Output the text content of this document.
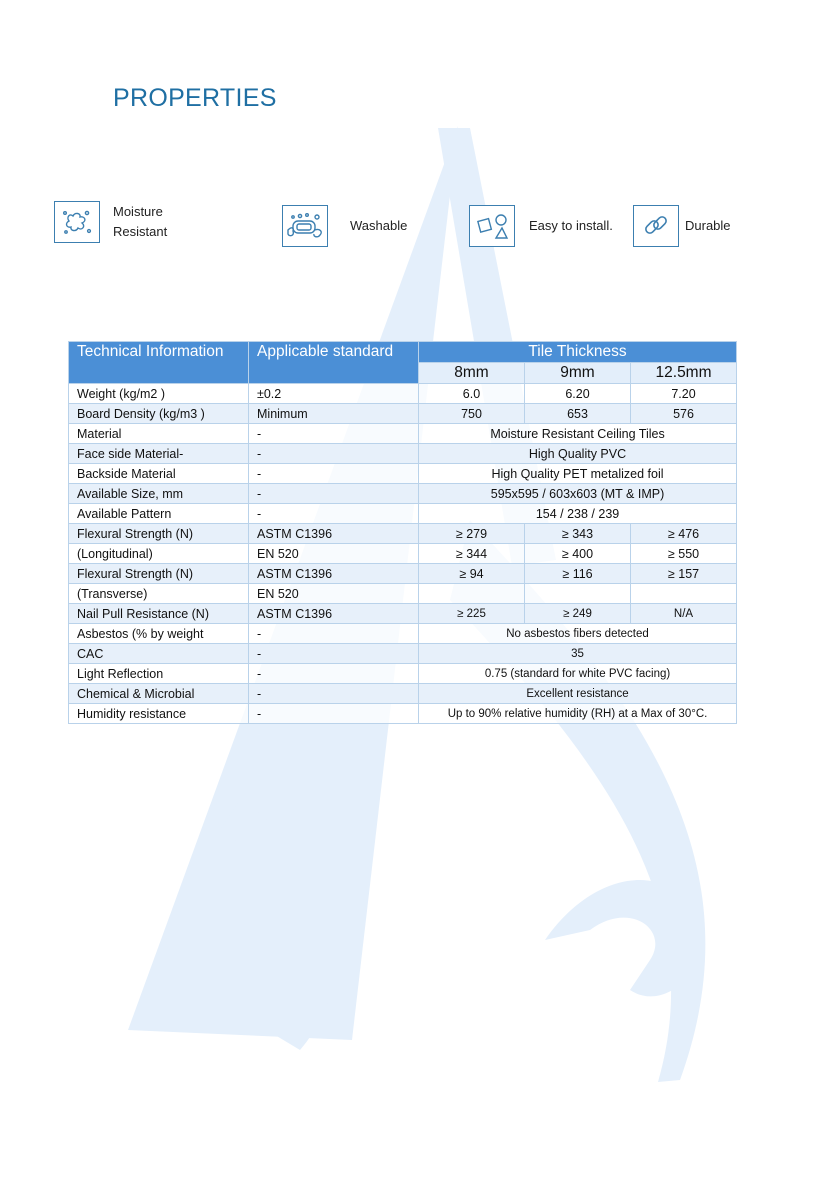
PROPERTIES
Moisture Resistant	Washable	Easy to install.	Durable
Technical Information	Applicable standard	Tile Thickness		
		8mm	9mm	12.5mm
Weight (kg/m2 )	±0.2	6.0	6.20	7.20
Board Density (kg/m3 )	Minimum	750	653	576
Material	-	Moisture Resistant Ceiling Tiles		
Face side Material-	-	High Quality PVC		
Backside Material	-	High Quality PET metalized foil		
Available Size, mm	-	595x595 / 603x603 (MT & IMP)		
Available Pattern	-	154 / 238 / 239		
Flexural Strength (N)	ASTM C1396	≥ 279	≥ 343	≥ 476
(Longitudinal)	EN 520	≥ 344	≥ 400	≥ 550
Flexural Strength (N)	ASTM C1396	≥ 94	≥ 116	≥ 157
(Transverse)	EN 520			
Nail Pull Resistance (N)	ASTM C1396	≥ 225	≥ 249	N/A
Asbestos (% by weight	-	No asbestos fibers detected		
CAC	-	35		
Light Reflection	-	0.75 (standard for white PVC facing)		
Chemical & Microbial	-	Excellent resistance		
Humidity resistance	-	Up to 90% relative humidity (RH) at a Max of 30°C.		
